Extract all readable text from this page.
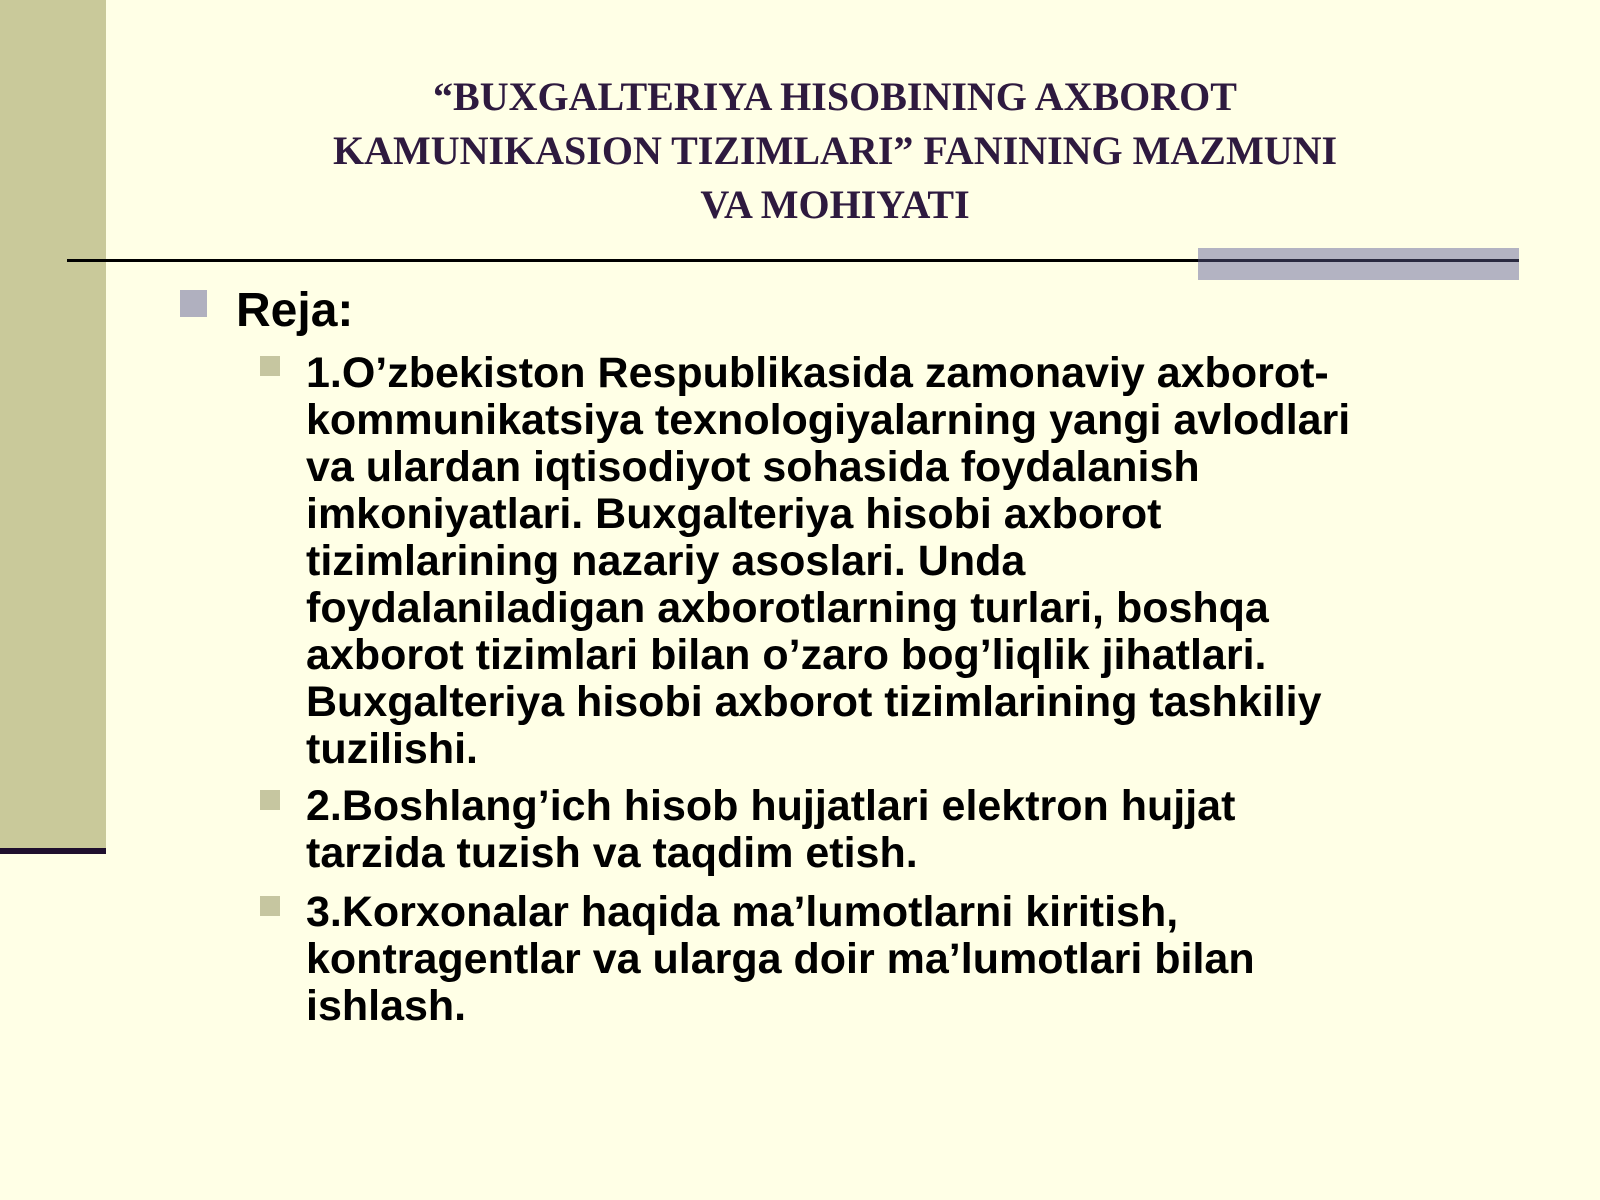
“BUXGALTERIYA HISOBINING AXBOROT
KAMUNIKASION TIZIMLARI” FANINING MAZMUNI
VA MOHIYATI
Reja:
1.O’zbekiston Respublikasida zamonaviy axborot-
kommunikatsiya texnologiyalarning yangi avlodlari
va ulardan iqtisodiyot sohasida foydalanish
imkoniyatlari. Buxgalteriya hisobi axborot
tizimlarining nazariy asoslari. Unda
foydalaniladigan axborotlarning turlari, boshqa
axborot tizimlari bilan o’zaro bog’liqlik jihatlari.
Buxgalteriya hisobi axborot tizimlarining tashkiliy
tuzilishi.
2.Boshlang’ich hisob hujjatlari elektron hujjat
tarzida tuzish va taqdim etish.
3.Korxonalar haqida ma’lumotlarni kiritish,
kontragentlar va ularga doir ma’lumotlari bilan
ishlash.
